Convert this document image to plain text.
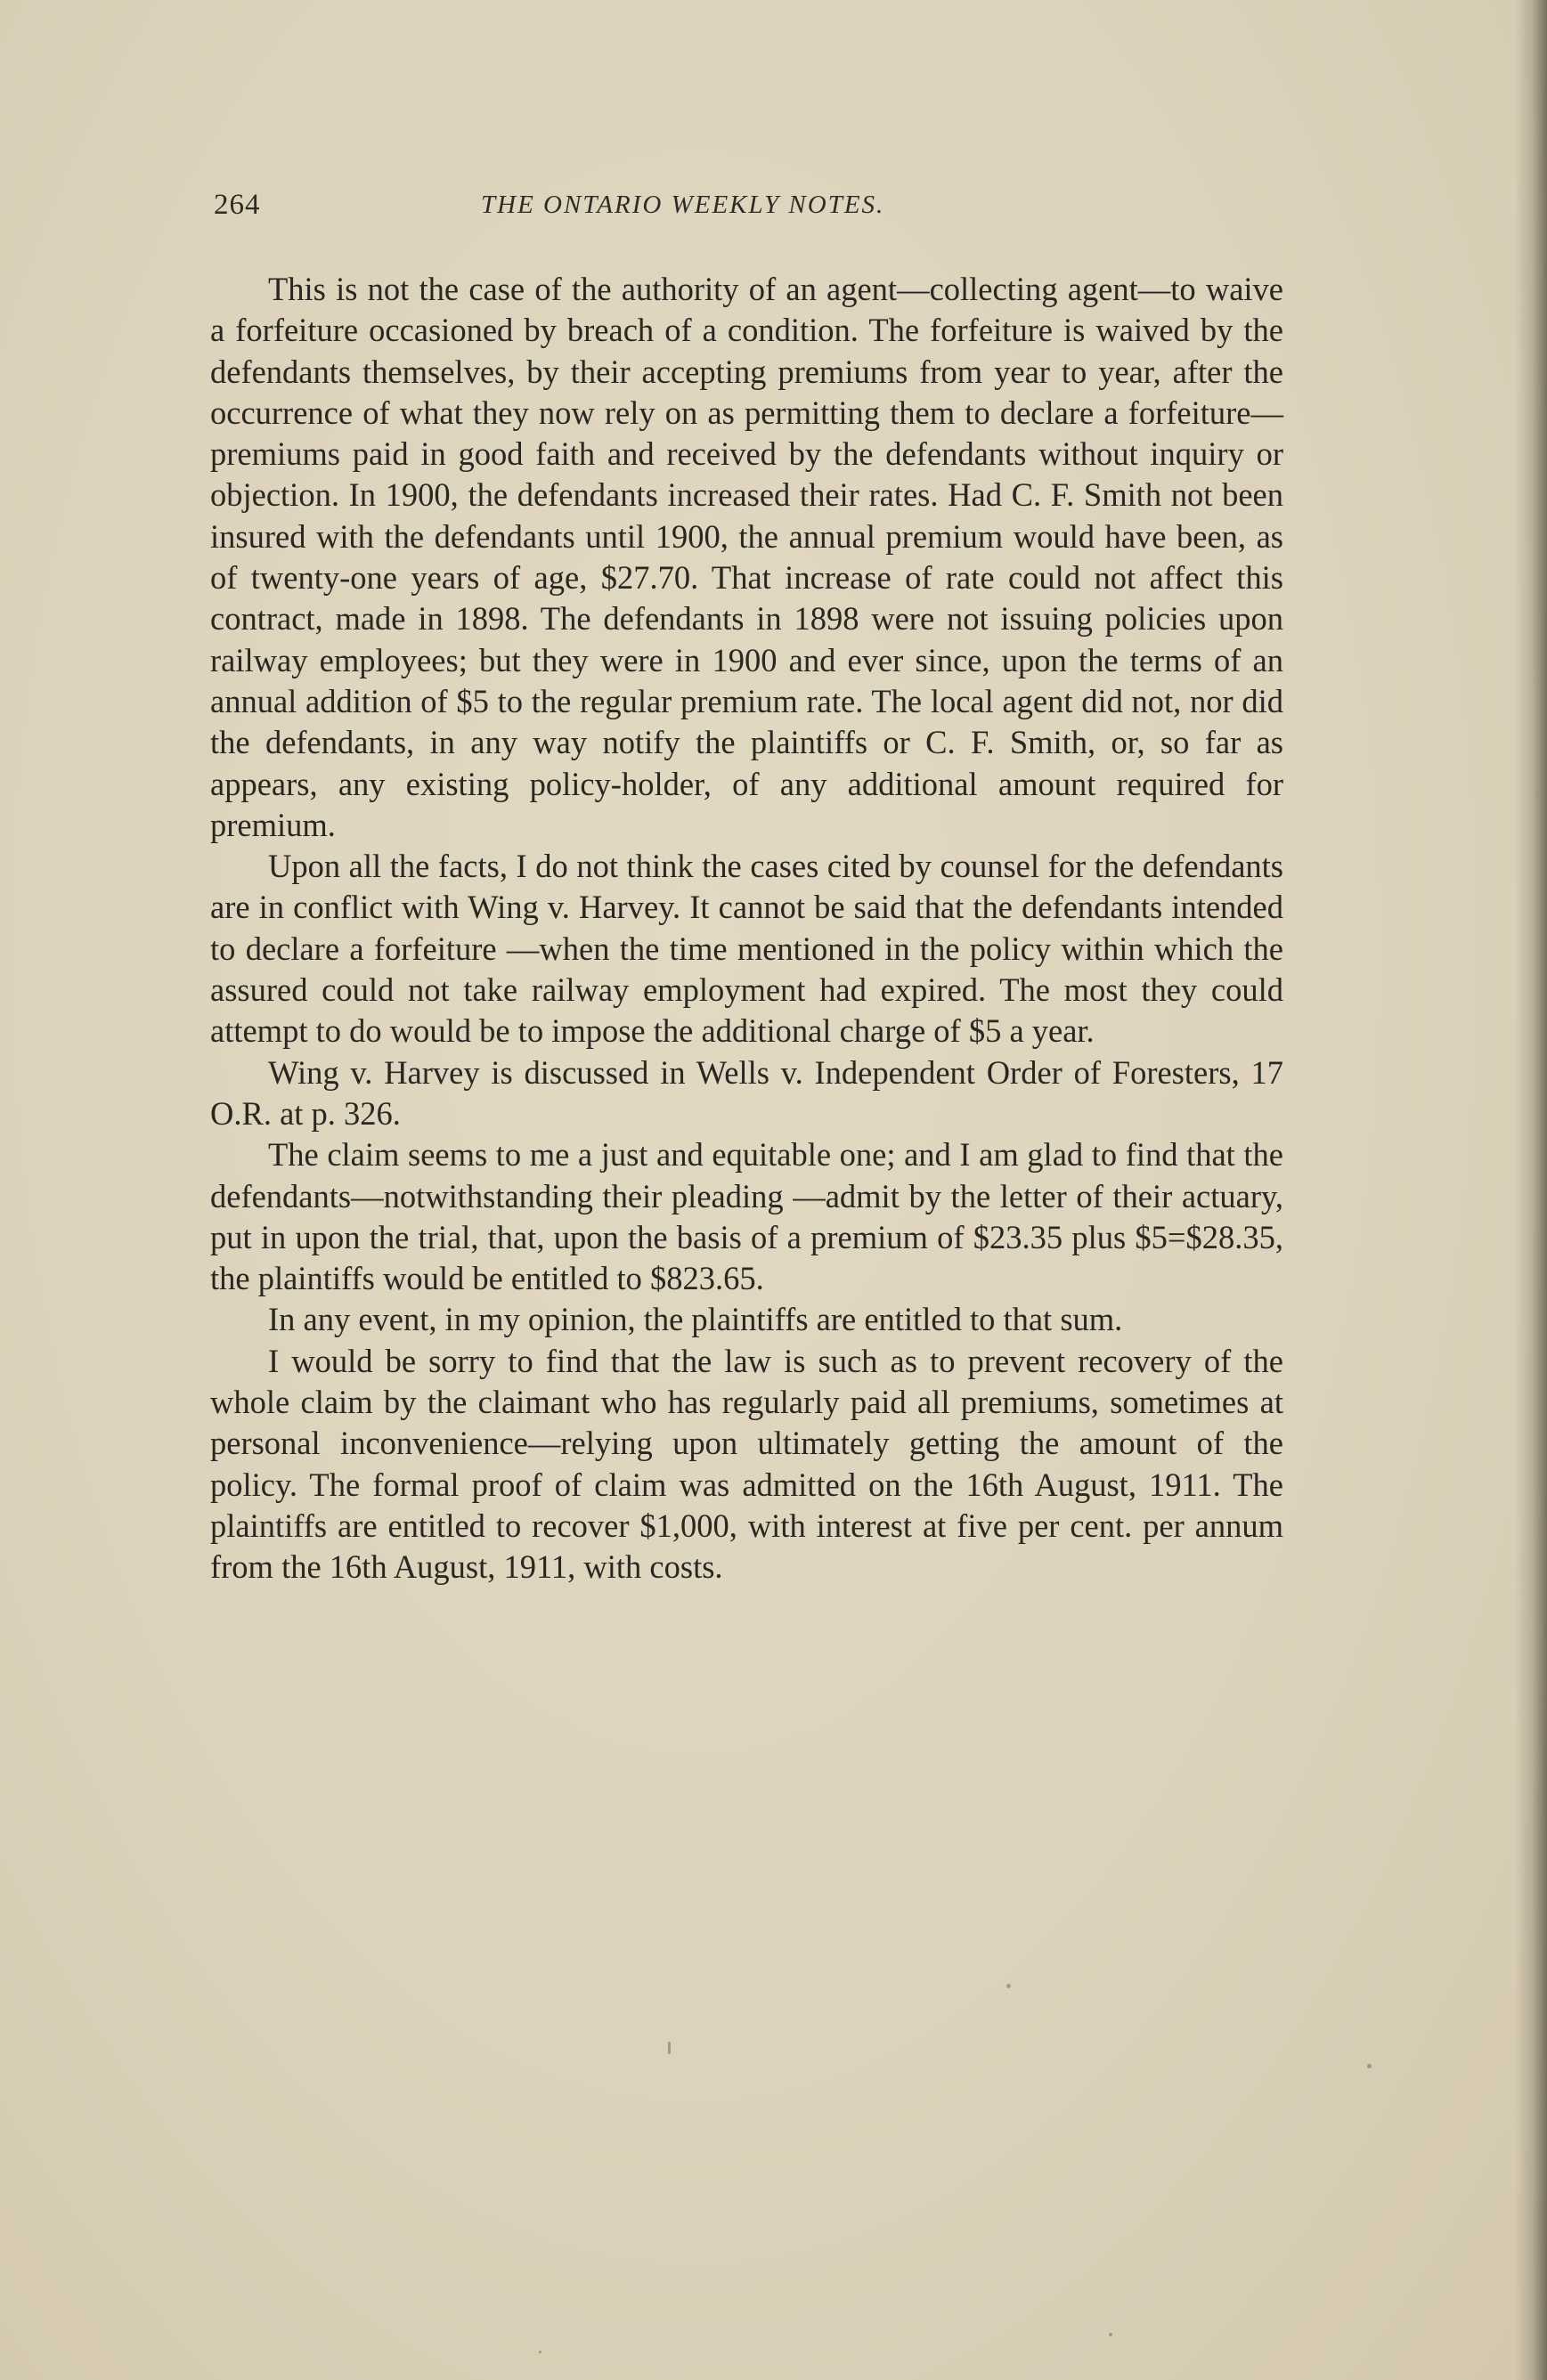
264	THE ONTARIO WEEKLY NOTES.

This is not the case of the authority of an agent—collecting agent—to waive a forfeiture occasioned by breach of a condition. The forfeiture is waived by the defendants themselves, by their accepting premiums from year to year, after the occurrence of what they now rely on as permitting them to declare a forfeiture—premiums paid in good faith and received by the defendants without inquiry or objection. In 1900, the defendants increased their rates. Had C. F. Smith not been insured with the defendants until 1900, the annual premium would have been, as of twenty-one years of age, $27.70. That increase of rate could not affect this contract, made in 1898. The defendants in 1898 were not issuing policies upon railway employees; but they were in 1900 and ever since, upon the terms of an annual addition of $5 to the regular premium rate. The local agent did not, nor did the defendants, in any way notify the plaintiffs or C. F. Smith, or, so far as appears, any existing policy-holder, of any additional amount required for premium.

Upon all the facts, I do not think the cases cited by counsel for the defendants are in conflict with Wing v. Harvey. It cannot be said that the defendants intended to declare a forfeiture —when the time mentioned in the policy within which the assured could not take railway employment had expired. The most they could attempt to do would be to impose the additional charge of $5 a year.

Wing v. Harvey is discussed in Wells v. Independent Order of Foresters, 17 O.R. at p. 326.

The claim seems to me a just and equitable one; and I am glad to find that the defendants—notwithstanding their pleading —admit by the letter of their actuary, put in upon the trial, that, upon the basis of a premium of $23.35 plus $5=$28.35, the plaintiffs would be entitled to $823.65.

In any event, in my opinion, the plaintiffs are entitled to that sum.

I would be sorry to find that the law is such as to prevent recovery of the whole claim by the claimant who has regularly paid all premiums, sometimes at personal inconvenience—relying upon ultimately getting the amount of the policy. The formal proof of claim was admitted on the 16th August, 1911. The plaintiffs are entitled to recover $1,000, with interest at five per cent. per annum from the 16th August, 1911, with costs.
